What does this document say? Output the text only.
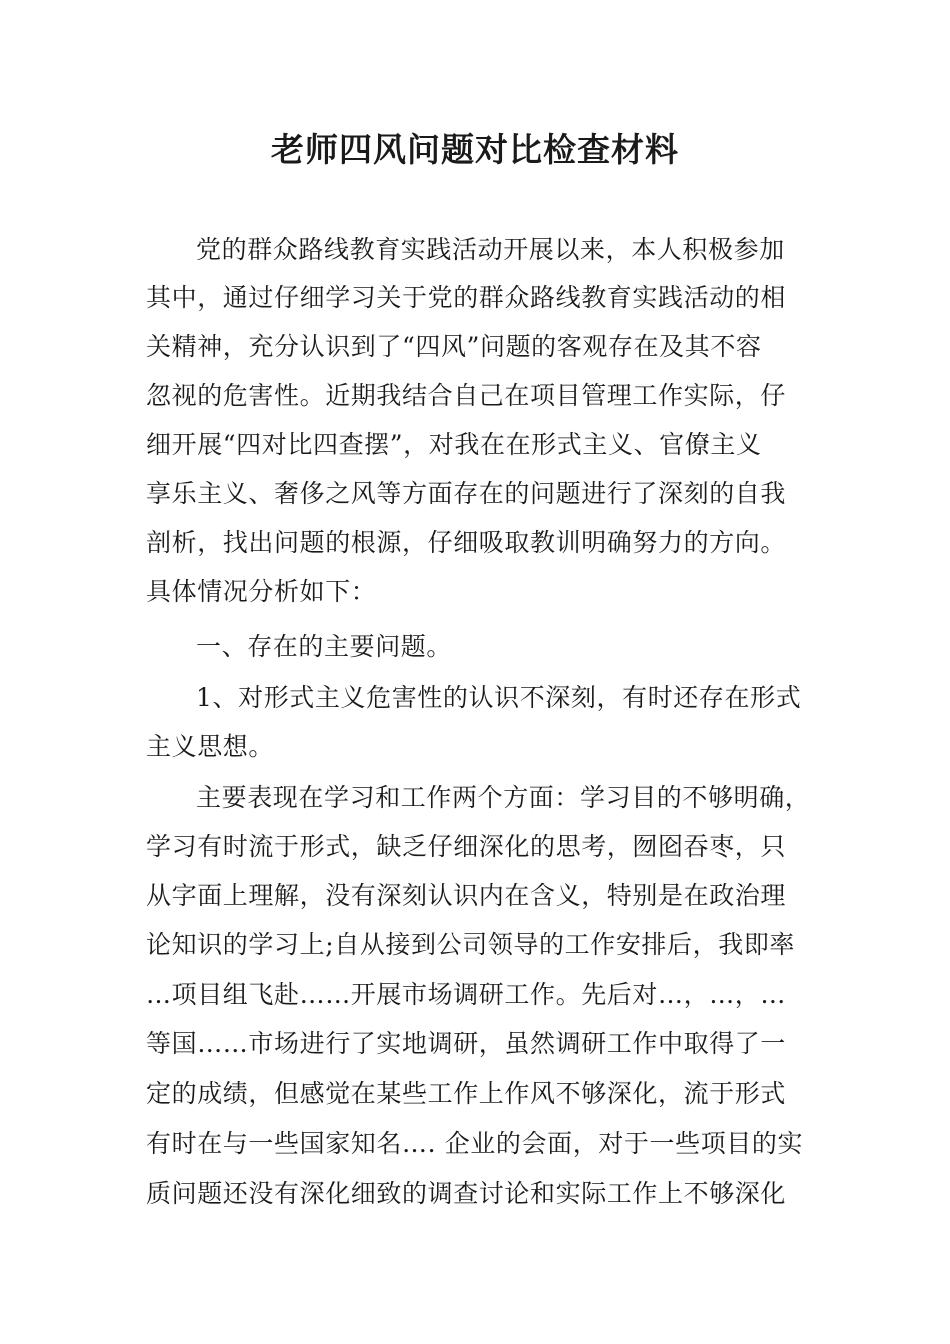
老师四风问题对比检查材料
党的群众路线教育实践活动开展以来，本人积极参加
其中，通过仔细学习关于党的群众路线教育实践活动的相
关精神，充分认识到了“四风”问题的客观存在及其不容
忽视的危害性。近期我结合自己在项目管理工作实际，仔
细开展“四对比四查摆”，对我在在形式主义、官僚主义
享乐主义、奢侈之风等方面存在的问题进行了深刻的自我
剖析，找出问题的根源，仔细吸取教训明确努力的方向。
具体情况分析如下：
一、存在的主要问题。
1、对形式主义危害性的认识不深刻，有时还存在形式
主义思想。
主要表现在学习和工作两个方面：学习目的不够明确，
学习有时流于形式，缺乏仔细深化的思考，囫囵吞枣，只
从字面上理解，没有深刻认识内在含义，特别是在政治理
论知识的学习上;自从接到公司领导的工作安排后，我即率
…项目组飞赴……开展市场调研工作。先后对…，…，…
等国……市场进行了实地调研，虽然调研工作中取得了一
定的成绩，但感觉在某些工作上作风不够深化，流于形式
有时在与一些国家知名…. 企业的会面，对于一些项目的实
质问题还没有深化细致的调查讨论和实际工作上不够深化
